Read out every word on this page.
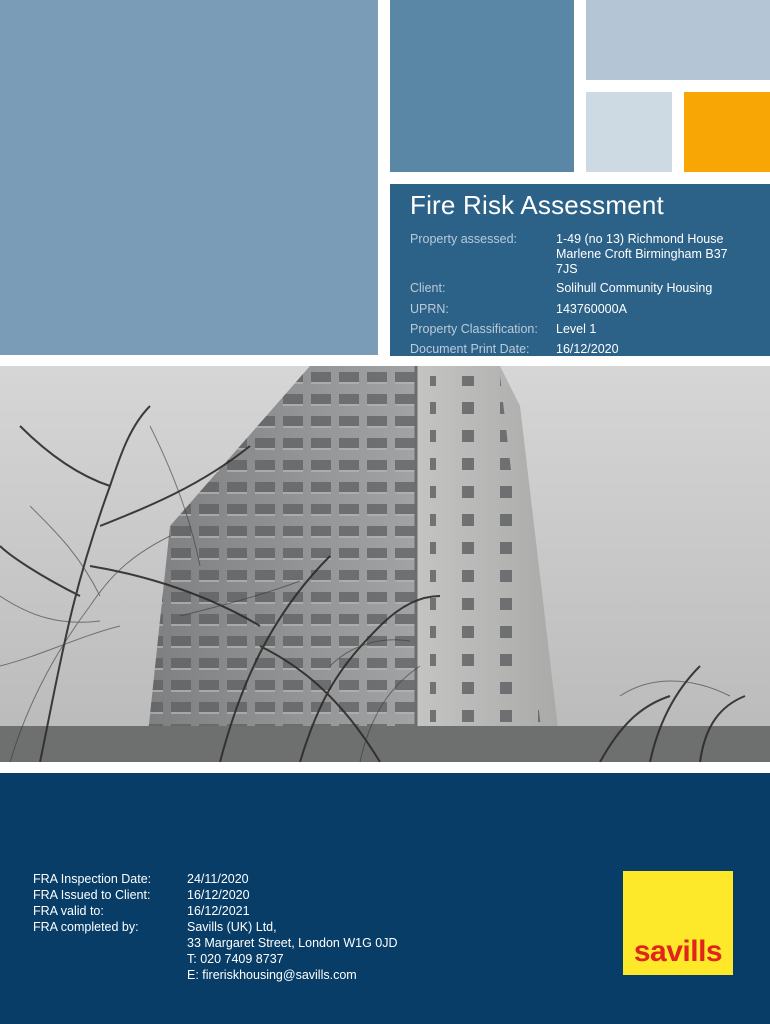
Fire Risk Assessment
Property assessed:	1-49 (no 13) Richmond House Marlene Croft Birmingham B37 7JS
Client:	Solihull Community Housing
UPRN:	143760000A
Property Classification:	Level 1
Document Print Date:	16/12/2020
FRA Inspection Date:	24/11/2020
FRA Issued to Client:	16/12/2020
FRA valid to:	16/12/2021
FRA completed by:	Savills (UK) Ltd,
33 Margaret Street, London W1G 0JD
T: 020 7409 8737
E: fireriskhousing@savills.com
savills
